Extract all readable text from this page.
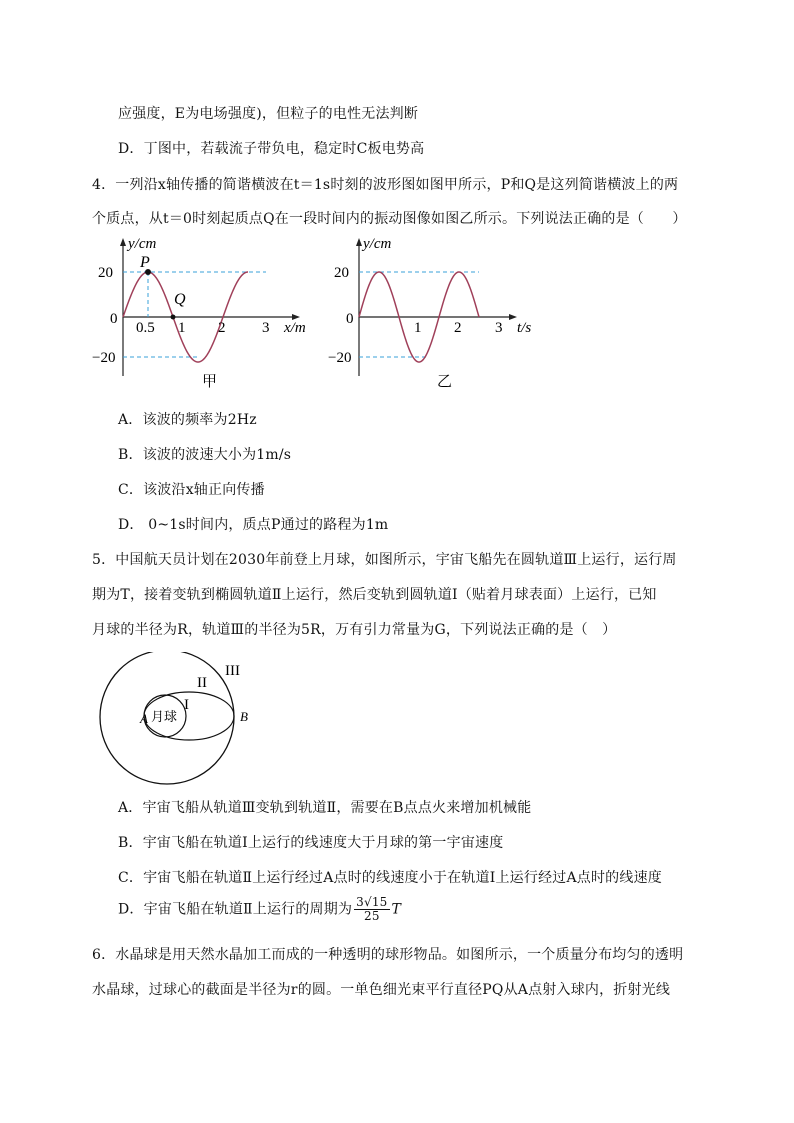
应强度，E为电场强度)，但粒子的电性无法判断
D．丁图中，若载流子带负电，稳定时C板电势高
4．一列沿x轴传播的简谐横波在t＝1s时刻的波形图如图甲所示，P和Q是这列简谐横波上的两
个质点，从t＝0时刻起质点Q在一段时间内的振动图像如图乙所示。下列说法正确的是（　　）
y/cm
x/m
20
0
−20
0.5 1 2 3
P
Q
甲
y/cm
t/s
20
0
−20
1 2 3
乙
A．该波的频率为2Hz
B．该波的波速大小为1m/s
C．该波沿x轴正向传播
D． 0~1s时间内，质点P通过的路程为1m
5．中国航天员计划在2030年前登上月球，如图所示，宇宙飞船先在圆轨道Ⅲ上运行，运行周
期为T，接着变轨到椭圆轨道Ⅱ上运行，然后变轨到圆轨道Ⅰ（贴着月球表面）上运行，已知
月球的半径为R，轨道Ⅲ的半径为5R，万有引力常量为G，下列说法正确的是（　）
III
II
I
A	B
月球
A．宇宙飞船从轨道Ⅲ变轨到轨道Ⅱ，需要在B点点火来增加机械能
B．宇宙飞船在轨道Ⅰ上运行的线速度大于月球的第一宇宙速度
C．宇宙飞船在轨道Ⅱ上运行经过A点时的线速度小于在轨道Ⅰ上运行经过A点时的线速度
D．宇宙飞船在轨道Ⅱ上运行的周期为 $\frac{3√15}{25}$ T
6．水晶球是用天然水晶加工而成的一种透明的球形物品。如图所示，一个质量分布均匀的透明
水晶球，过球心的截面是半径为r的圆。一单色细光束平行直径PQ从A点射入球内，折射光线
